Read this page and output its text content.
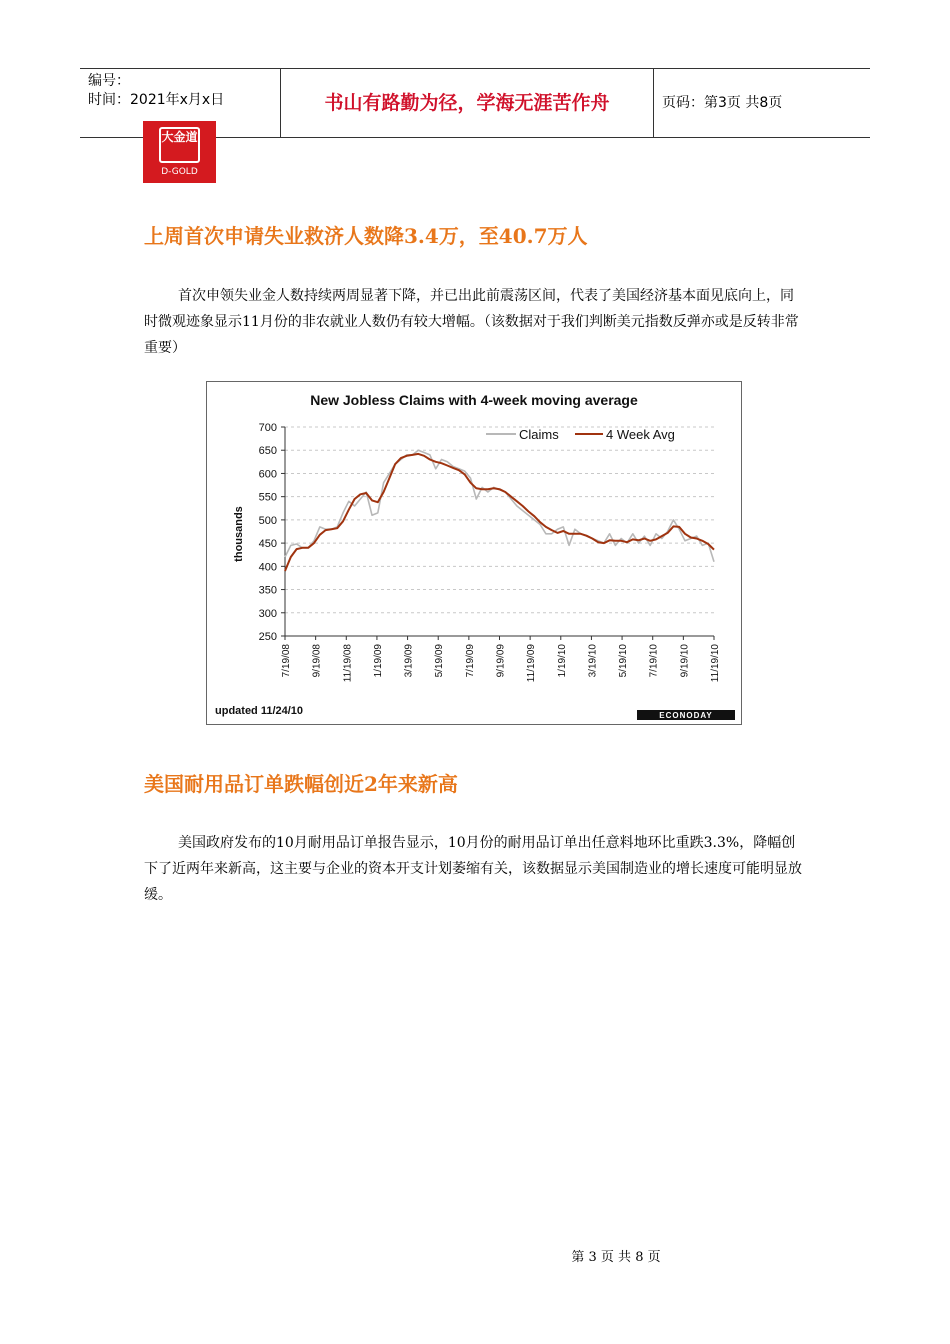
编号：
时间：2021年x月x日	书山有路勤为径，学海无涯苦作舟	页码：第3页 共8页
大金道
D-GOLD
上周首次申请失业救济人数降3.4万，至40.7万人

首次申领失业金人数持续两周显著下降，并已出此前震荡区间，代表了美国经济基本面见底向上，同时微观迹象显示11月份的非农就业人数仍有较大增幅。（该数据对于我们判断美元指数反弹亦或是反转非常重要）

New Jobless Claims with 4-week moving average
250
300
350
400
450
500
550
600
650
700
7/19/08 9/19/08 11/19/08 1/19/09 3/19/09 5/19/09 7/19/09 9/19/09 11/19/09 1/19/10 3/19/10 5/19/10 7/19/10 9/19/10 11/19/10
thousands
Claims	4 Week Avg
updated 11/24/10	ECONODAY
美国耐用品订单跌幅创近2年来新高

美国政府发布的10月耐用品订单报告显示，10月份的耐用品订单出任意料地环比重跌3.3%，降幅创下了近两年来新高，这主要与企业的资本开支计划萎缩有关，该数据显示美国制造业的增长速度可能明显放缓。

第 3 页 共 8 页
